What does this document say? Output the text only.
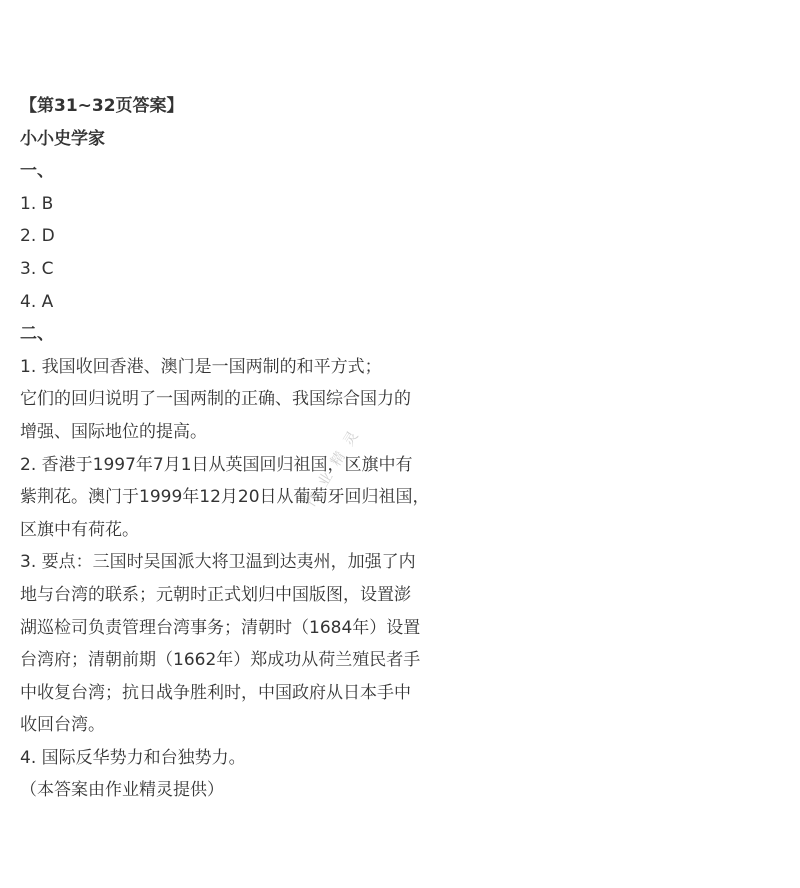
【第31~32页答案】
小小史学家
一、
1. B
2. D
3. C
4. A
二、
1. 我国收回香港、澳门是一国两制的和平方式；
它们的回归说明了一国两制的正确、我国综合国力的
增强、国际地位的提高。
2. 香港于1997年7月1日从英国回归祖国，区旗中有
紫荆花。澳门于1999年12月20日从葡萄牙回归祖国，
区旗中有荷花。
3. 要点：三国时吴国派大将卫温到达夷州，加强了内
地与台湾的联系；元朝时正式划归中国版图，设置澎
湖巡检司负责管理台湾事务；清朝时（1684年）设置
台湾府；清朝前期（1662年）郑成功从荷兰殖民者手
中收复台湾；抗日战争胜利时，中国政府从日本手中
收回台湾。
4. 国际反华势力和台独势力。
（本答案由作业精灵提供）
作业精灵
